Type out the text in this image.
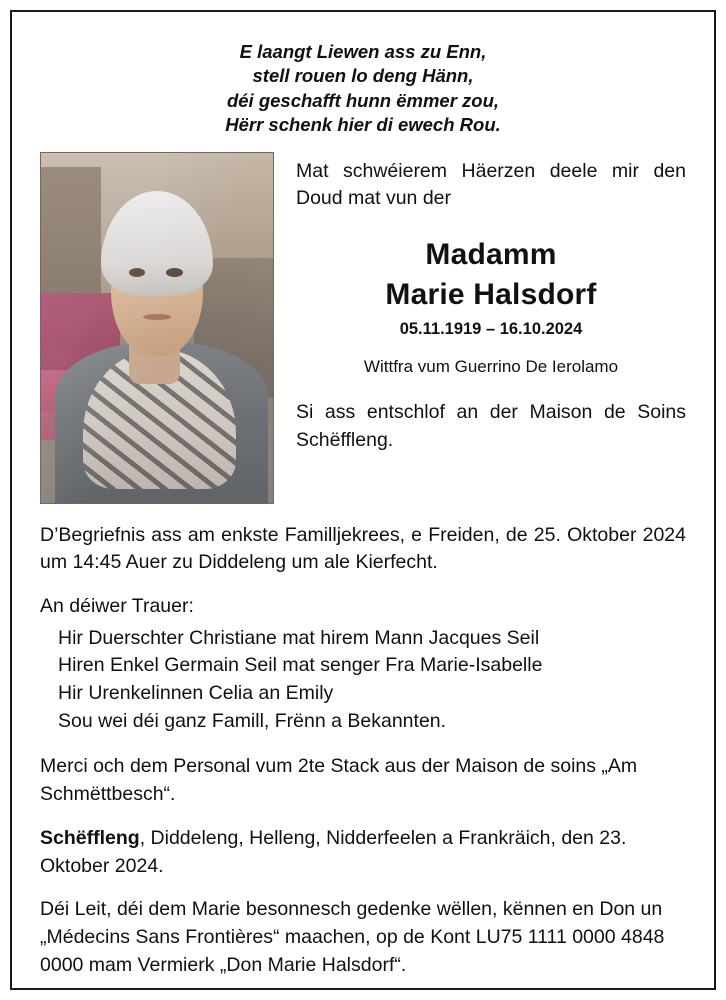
E laangt Liewen ass zu Enn,
stell rouen lo deng Hänn,
déi geschafft hunn ëmmer zou,
Hërr schenk hier di ewech Rou.

Mat schwéierem Häerzen deele mir den Doud mat vun der

Madamm
Marie Halsdorf
05.11.1919 – 16.10.2024
Wittfra vum Guerrino De Ierolamo

Si ass entschlof an der Maison de Soins Schëffleng.

D’Begriefnis ass am enkste Familljekrees, e Freiden, de 25. Oktober 2024 um 14:45 Auer zu Diddeleng um ale Kierfecht.

An déiwer Trauer:

Hir Duerschter Christiane mat hirem Mann Jacques Seil
Hiren Enkel Germain Seil mat senger Fra Marie-Isabelle
Hir Urenkelinnen Celia an Emily
Sou wei déi ganz Famill, Frënn a Bekannten.

Merci och dem Personal vum 2te Stack aus der Maison de soins „Am Schmëttbesch“.

Schëffleng, Diddeleng, Helleng, Nidderfeelen a Frankräich, den 23. Oktober 2024.

Déi Leit, déi dem Marie besonnesch gedenke wëllen, kënnen en Don un „Médecins Sans Frontières“ maachen, op de Kont LU75 1111 0000 4848 0000 mam Vermierk „Don Marie Halsdorf“.
